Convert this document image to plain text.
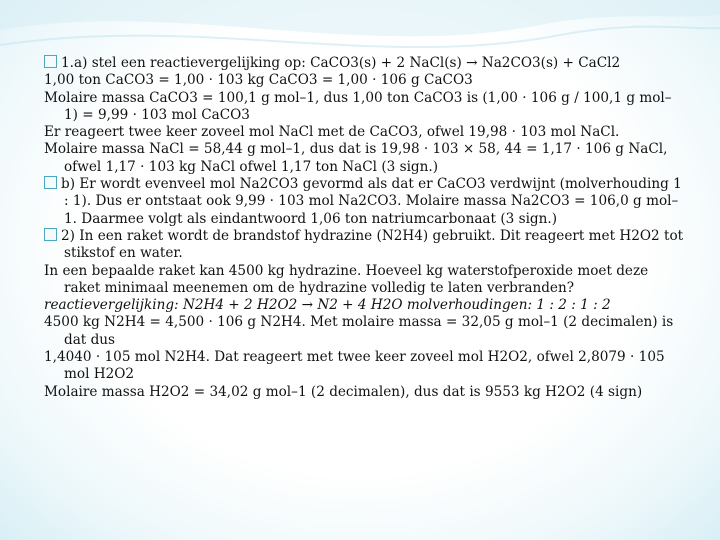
1.a) stel een reactievergelijking op: CaCO3(s) + 2 NaCl(s) → Na2CO3(s) + CaCl2

1,00 ton CaCO3 = 1,00 · 103 kg CaCO3 = 1,00 · 106 g CaCO3

Molaire massa CaCO3 = 100,1 g mol–1, dus 1,00 ton CaCO3 is (1,00 · 106 g / 100,1 g mol–1) = 9,99 · 103 mol CaCO3

Er reageert twee keer zoveel mol NaCl met de CaCO3, ofwel 19,98 · 103 mol NaCl.

Molaire massa NaCl = 58,44 g mol–1, dus dat is 19,98 · 103 × 58, 44 = 1,17 · 106 g NaCl, ofwel 1,17 · 103 kg NaCl ofwel 1,17 ton NaCl (3 sign.)

b) Er wordt evenveel mol Na2CO3 gevormd als dat er CaCO3 verdwijnt (molverhouding 1 : 1). Dus er ontstaat ook 9,99 · 103 mol Na2CO3. Molaire massa Na2CO3 = 106,0 g mol–1. Daarmee volgt als eindantwoord 1,06 ton natriumcarbonaat (3 sign.)

2) In een raket wordt de brandstof hydrazine (N2H4) gebruikt. Dit reageert met H2O2 tot stikstof en water.

In een bepaalde raket kan 4500 kg hydrazine. Hoeveel kg waterstofperoxide moet deze raket minimaal meenemen om de hydrazine volledig te laten verbranden?

reactievergelijking: N2H4 + 2 H2O2 → N2 + 4 H2O molverhoudingen: 1 : 2 : 1 : 2

4500 kg N2H4 = 4,500 · 106 g N2H4. Met molaire massa = 32,05 g mol–1 (2 decimalen) is dat dus

1,4040 · 105 mol N2H4. Dat reageert met twee keer zoveel mol H2O2, ofwel 2,8079 · 105 mol H2O2

Molaire massa H2O2 = 34,02 g mol–1 (2 decimalen), dus dat is 9553 kg H2O2 (4 sign)
